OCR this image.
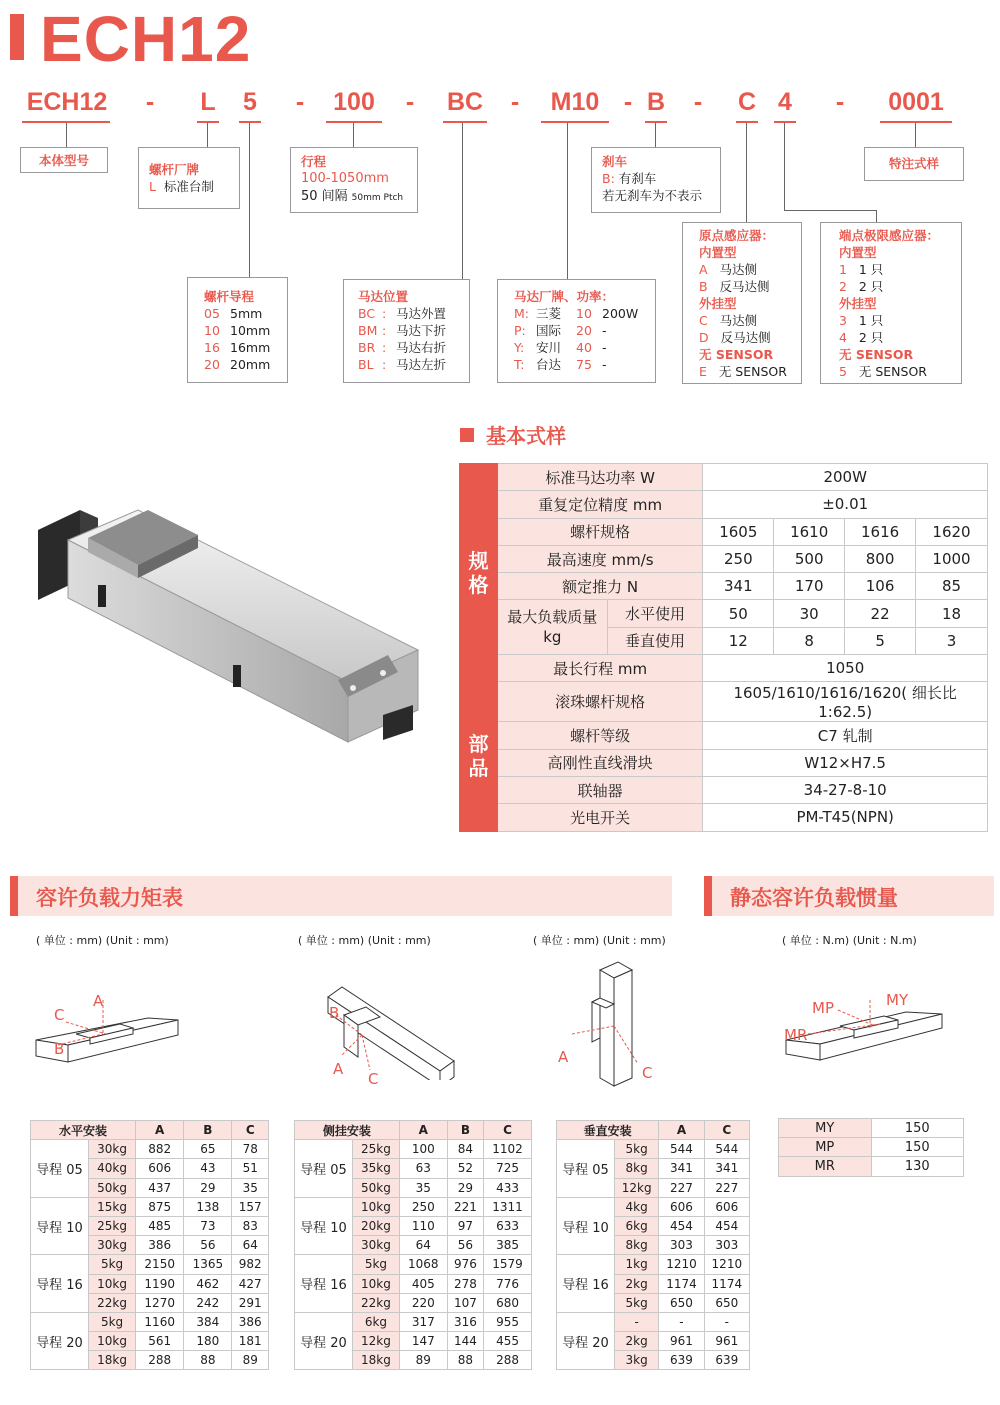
ECH12
ECH12 - L 5 - 100 - BC -	M10 - B - C 4 -	0001
本体型号
螺杆厂牌
L 标准台制
行程
100-1050mm
50 间隔 50mm Ptch
刹车
B: 有刹车
若无刹车为不表示
特注式样
原点感应器：
内置型
A 马达侧
B 反马达侧
外挂型
C 马达侧
D 反马达侧
无 SENSOR
E 无 SENSOR
端点极限感应器：
内置型
1 1 只
2 2 只
外挂型
3 1 只
4 2 只
无 SENSOR
5 无 SENSOR
螺杆导程
05 5mm
10 10mm
16 16mm
20 20mm
马达位置
BC : 马达外置
BM : 马达下折
BR : 马达右折
BL : 马达左折
马达厂牌、功率：
M: 三菱 10 200W
P: 国际 20 -
Y: 安川 40 -
T: 台达 75 -
基本式样
规格	标准马达功率 W		200W			
	重复定位精度 mm		±0.01			
	螺杆规格		1605	1610	1616	1620
	最高速度 mm/s		250	500	800	1000
	额定推力 N		341	170	106	85

	最大负载质量
kg	水平使用	50	30	22	18
		垂直使用	12	8	5	3
	最长行程 mm		1050			

部品	滚珠螺杆规格		1605/1610/1616/1620( 细长比 1:62.5)			
	螺杆等级		C7 轧制			
	高刚性直线滑块		W12×H7.5			
	联轴器		34-27-8-10			
	光电开关		PM-T45(NPN)			
容许负载力矩表	静态容许负载惯量
( 单位 : mm) (Unit : mm)	( 单位 : mm) (Unit : mm)	( 单位 : mm) (Unit : mm)	( 单位 : N.m) (Unit : N.m)
A
C
B
B
A
C
A
C
MP	MY
MR
水平安装		A	B	C
导程 05	30kg	882	65	78
	40kg	606	43	51
	50kg	437	29	35
导程 10	15kg	875	138	157
	25kg	485	73	83
	30kg	386	56	64
导程 16	5kg	2150	1365	982
	10kg	1190	462	427
	22kg	1270	242	291
导程 20	5kg	1160	384	386
	10kg	561	180	181
	18kg	288	88	89
侧挂安装		A	B	C
导程 05	25kg	100	84	1102
	35kg	63	52	725
	50kg	35	29	433
导程 10	10kg	250	221	1311
	20kg	110	97	633
	30kg	64	56	385
导程 16	5kg	1068	976	1579
	10kg	405	278	776
	22kg	220	107	680
导程 20	6kg	317	316	955
	12kg	147	144	455
	18kg	89	88	288
垂直安装		A	C
导程 05	5kg	544	544
	8kg	341	341
	12kg	227	227
导程 10	4kg	606	606
	6kg	454	454
	8kg	303	303
导程 16	1kg	1210	1210
	2kg	1174	1174
	5kg	650	650
导程 20	-	-	-
	2kg	961	961
	3kg	639	639
MY	150
MP	150
MR	130
